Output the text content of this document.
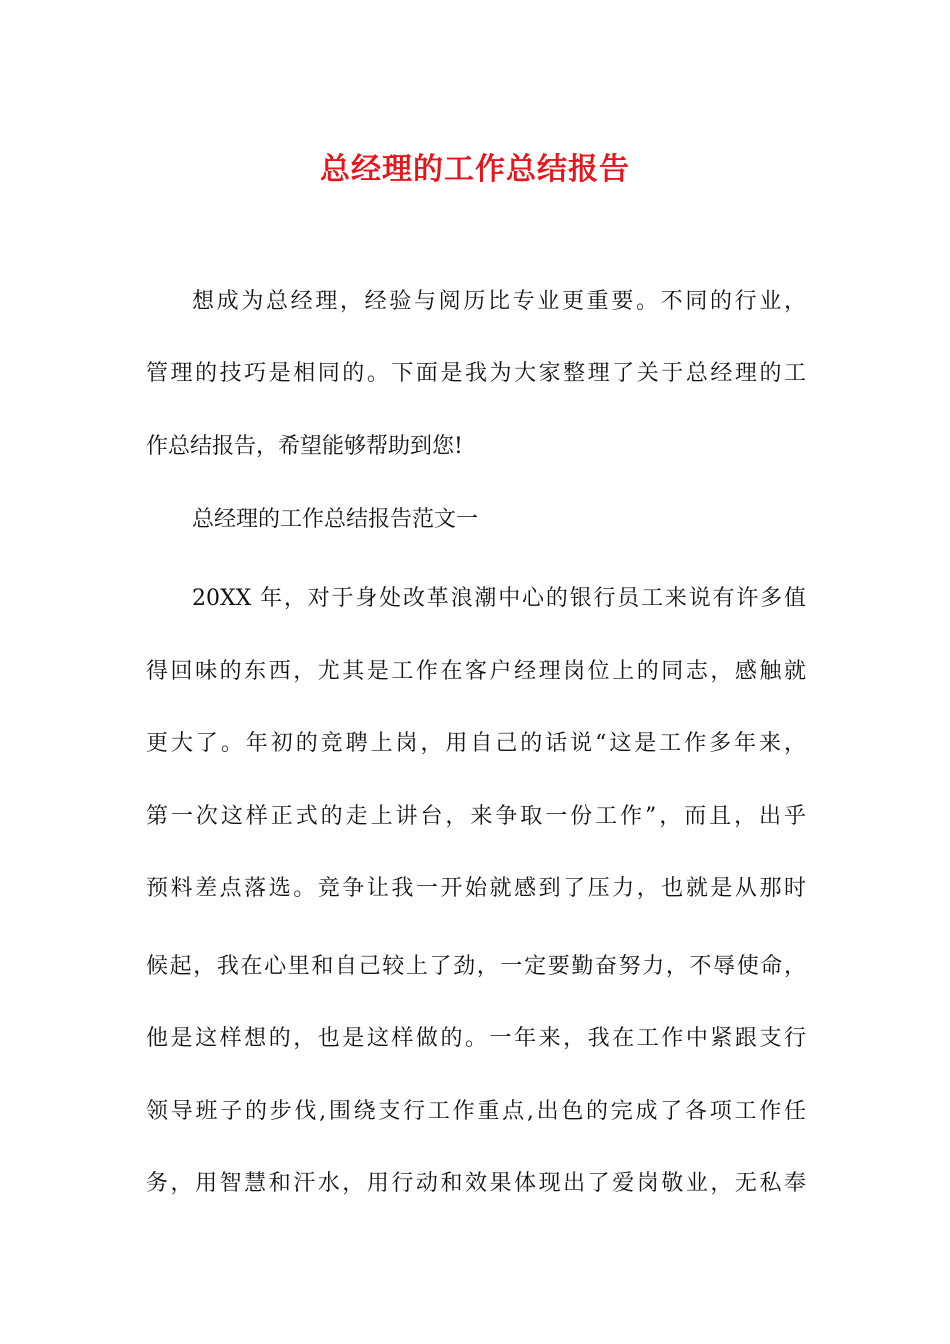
总经理的工作总结报告
想成为总经理，经验与阅历比专业更重要。不同的行业，
管理的技巧是相同的。下面是我为大家整理了关于总经理的工
作总结报告，希望能够帮助到您!
总经理的工作总结报告范文一
20XX 年，对于身处改革浪潮中心的银行员工来说有许多值
得回味的东西，尤其是工作在客户经理岗位上的同志，感触就
更大了。年初的竞聘上岗，用自己的话说“这是工作多年来，
第一次这样正式的走上讲台，来争取一份工作”，而且，出乎
预料差点落选。竞争让我一开始就感到了压力，也就是从那时
候起，我在心里和自己较上了劲，一定要勤奋努力，不辱使命，
他是这样想的，也是这样做的。一年来，我在工作中紧跟支行
领导班子的步伐,围绕支行工作重点,出色的完成了各项工作任
务，用智慧和汗水，用行动和效果体现出了爱岗敬业，无私奉
